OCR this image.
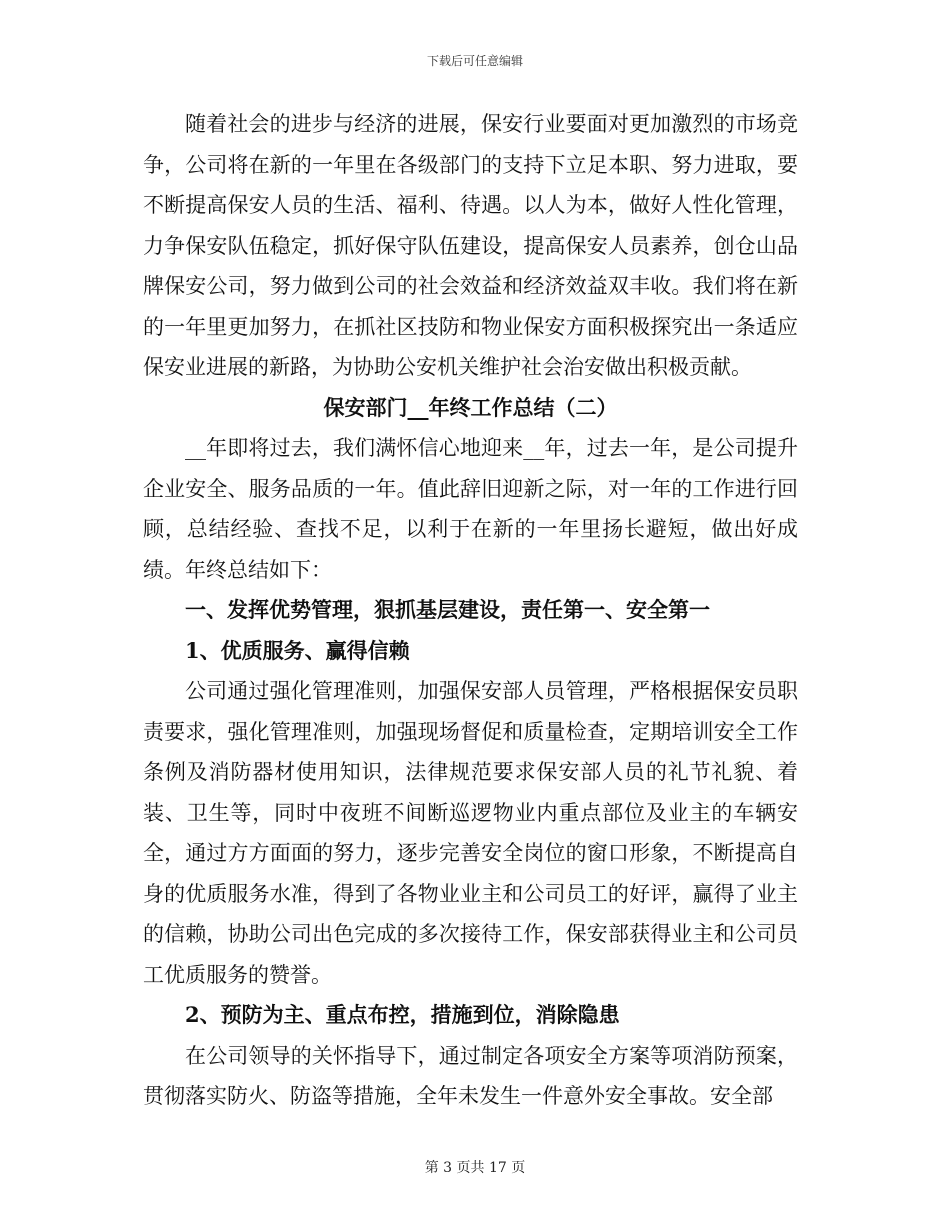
下载后可任意编辑

随着社会的进步与经济的进展，保安行业要面对更加激烈的市场竞争，公司将在新的一年里在各级部门的支持下立足本职、努力进取，要不断提高保安人员的生活、福利、待遇。以人为本，做好人性化管理，力争保安队伍稳定，抓好保守队伍建设，提高保安人员素养，创仓山品牌保安公司，努力做到公司的社会效益和经济效益双丰收。我们将在新的一年里更加努力，在抓社区技防和物业保安方面积极探究出一条适应保安业进展的新路，为协助公安机关维护社会治安做出积极贡献。

保安部门__年终工作总结（二）

__年即将过去，我们满怀信心地迎来__年，过去一年，是公司提升企业安全、服务品质的一年。值此辞旧迎新之际，对一年的工作进行回顾，总结经验、查找不足，以利于在新的一年里扬长避短，做出好成绩。年终总结如下：

一、发挥优势管理，狠抓基层建设，责任第一、安全第一

1、优质服务、赢得信赖

公司通过强化管理准则，加强保安部人员管理，严格根据保安员职责要求，强化管理准则，加强现场督促和质量检查，定期培训安全工作条例及消防器材使用知识，法律规范要求保安部人员的礼节礼貌、着装、卫生等，同时中夜班不间断巡逻物业内重点部位及业主的车辆安全，通过方方面面的努力，逐步完善安全岗位的窗口形象，不断提高自身的优质服务水准，得到了各物业业主和公司员工的好评，赢得了业主的信赖，协助公司出色完成的多次接待工作，保安部获得业主和公司员工优质服务的赞誉。

2、预防为主、重点布控，措施到位，消除隐患

在公司领导的关怀指导下，通过制定各项安全方案等项消防预案，贯彻落实防火、防盗等措施，全年未发生一件意外安全事故。安全部

第 3 页共 17 页
